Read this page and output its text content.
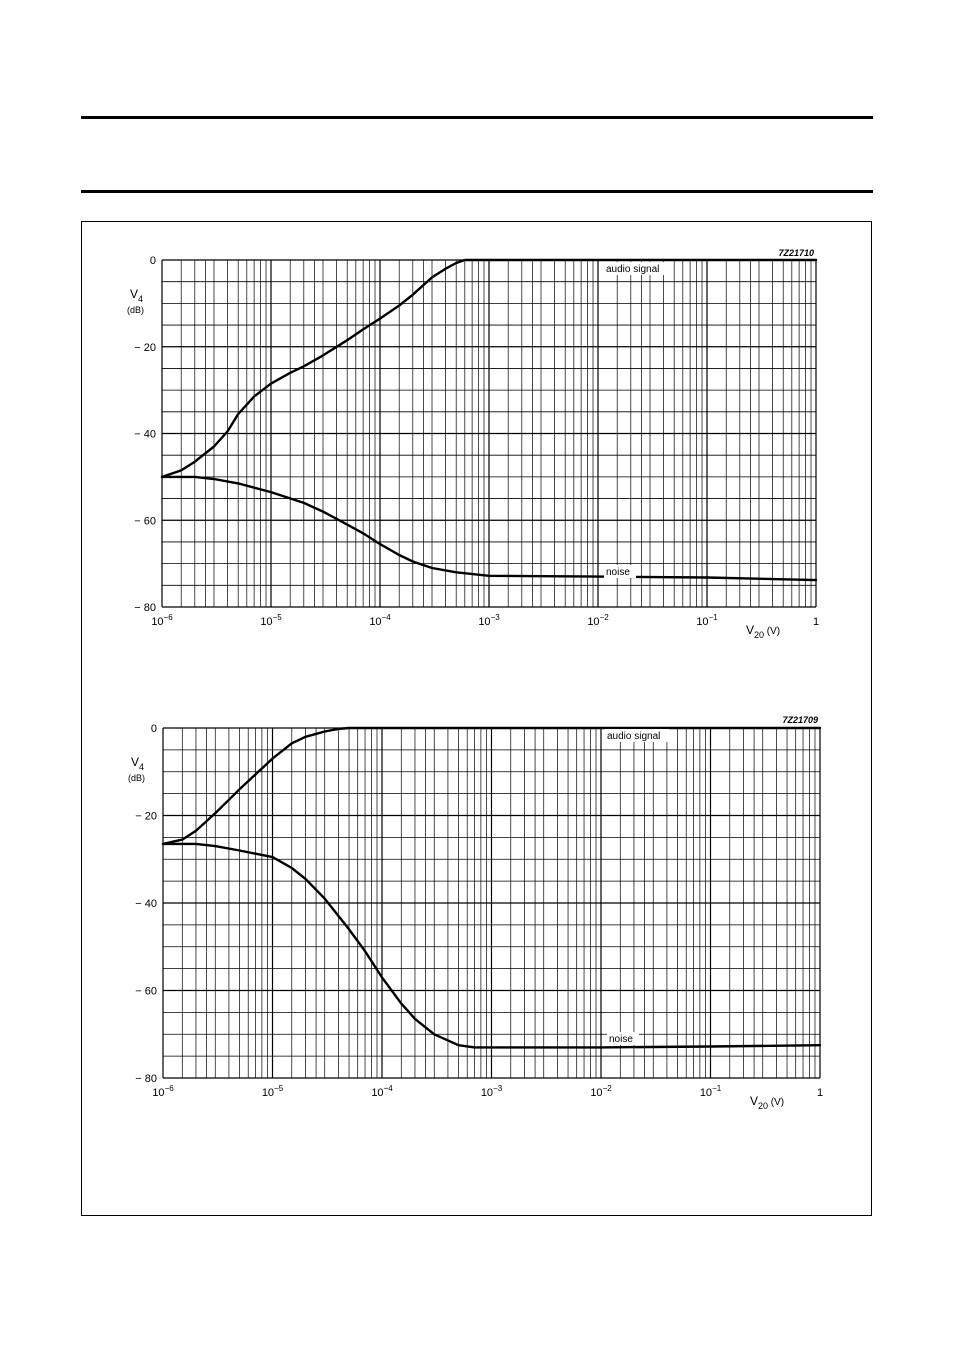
0
− 20
− 40
− 60
− 80
$10^{-6}$	$10^{-5}$	$10^{-4}$	$10^{-3}$	$10^{-2}$	$10^{-1}$	1
$V_4$
(dB)
$V_{20}$ $^{(V)}$
7Z21710
audio signal
noise
0
− 20
− 40
− 60
− 80
$10^{-6}$	$10^{-5}$	$10^{-4}$	$10^{-3}$	$10^{-2}$	$10^{-1}$	1
$V_4$
(dB)
$V_{20}$ $^{(V)}$
7Z21709
audio signal
noise
